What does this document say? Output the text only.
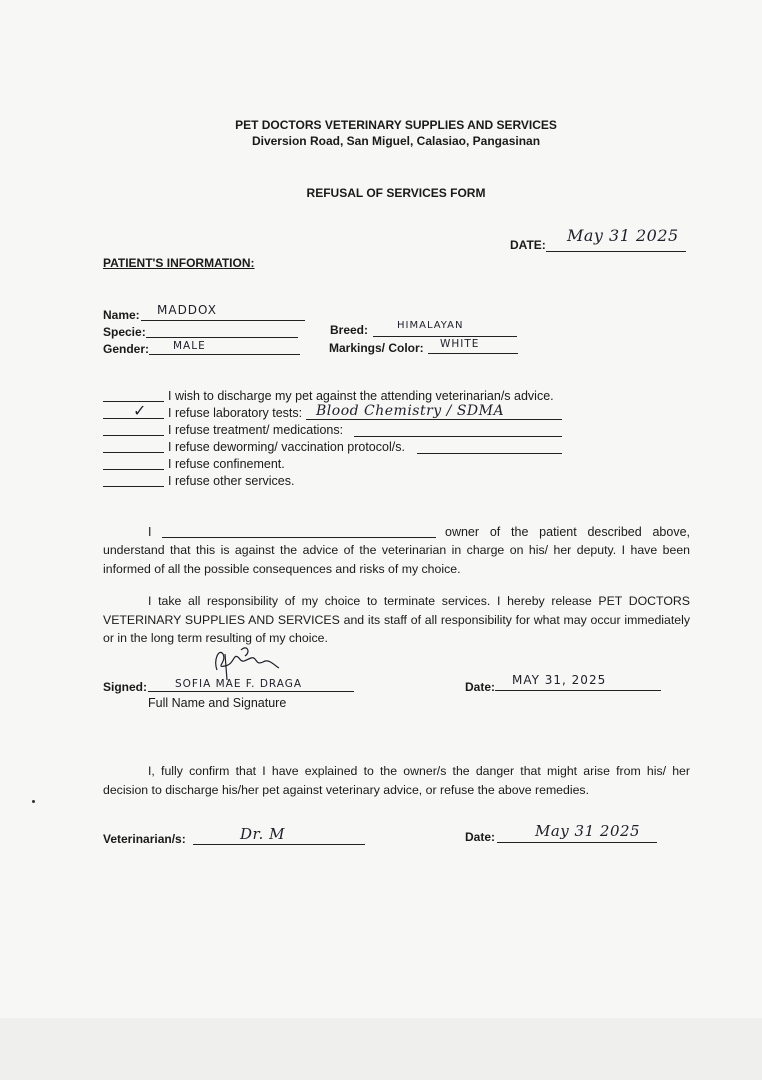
PET DOCTORS VETERINARY SUPPLIES AND SERVICES
Diversion Road, San Miguel, Calasiao, Pangasinan
REFUSAL OF SERVICES FORM
DATE: May 31 2025
PATIENT'S INFORMATION:
Name: MADDOX
Specie:
Gender: MALE
Breed:	HIMALAYAN
Markings/ Color: WHITE
I wish to discharge my pet against the attending veterinarian/s advice.
✓ I refuse laboratory tests: Blood Chemistry / SDMA
I refuse treatment/ medications:
I refuse deworming/ vaccination protocol/s.
I refuse confinement.
I refuse other services.
I	owner of the patient described above,
understand that this is against the advice of the veterinarian in charge on his/ her deputy. I have been informed of all the possible consequences and risks of my choice.
I take all responsibility of my choice to terminate services. I hereby release PET DOCTORS VETERINARY SUPPLIES AND SERVICES and its staff of all responsibility for what may occur immediately or in the long term resulting of my choice.
Signed:	SOFIA MAE F. DRAGA
Full Name and Signature
Date: MAY 31, 2025
I, fully confirm that I have explained to the owner/s the danger that might arise from his/ her decision to discharge his/her pet against veterinary advice, or refuse the above remedies.
Veterinarian/s:	Dr. M	Date:	May 31 2025
